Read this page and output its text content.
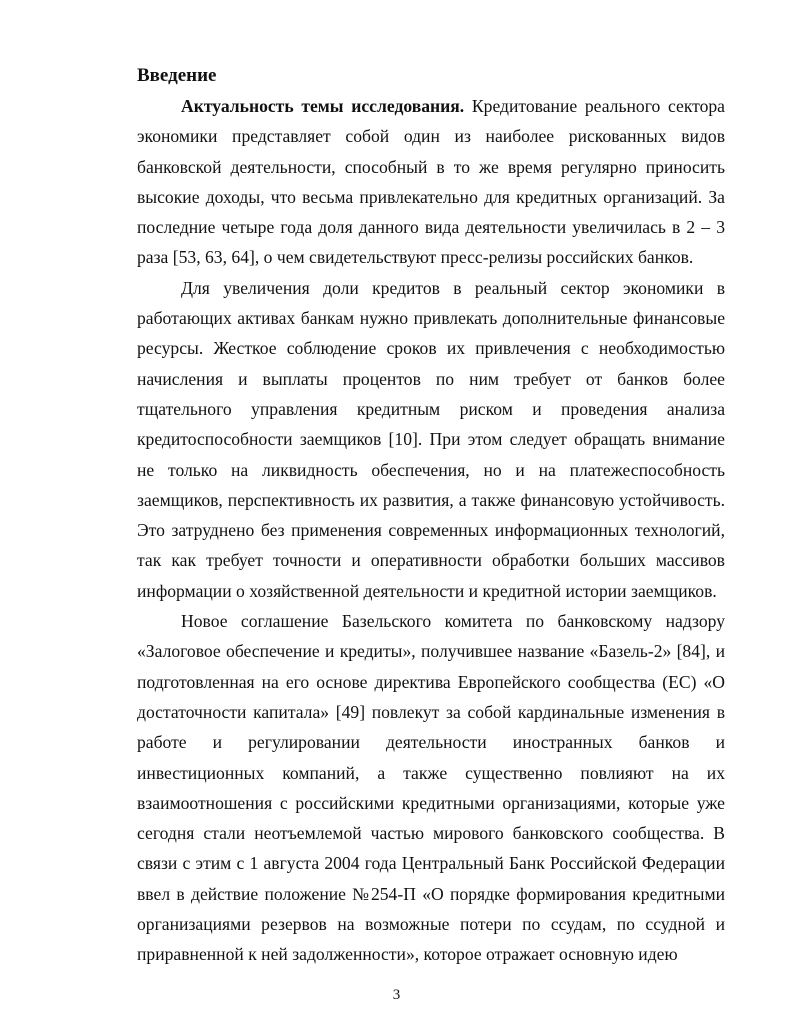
Введение

Актуальность темы исследования. Кредитование реального сектора экономики представляет собой один из наиболее рискованных видов банковской деятельности, способный в то же время регулярно приносить высокие доходы, что весьма привлекательно для кредитных организаций. За последние четыре года доля данного вида деятельности увеличилась в 2 – 3 раза [53, 63, 64], о чем свидетельствуют пресс-релизы российских банков.

Для увеличения доли кредитов в реальный сектор экономики в работающих активах банкам нужно привлекать дополнительные финансовые ресурсы. Жесткое соблюдение сроков их привлечения с необходимостью начисления и выплаты процентов по ним требует от банков более тщательного управления кредитным риском и проведения анализа кредитоспособности заемщиков [10]. При этом следует обращать внимание не только на ликвидность обеспечения, но и на платежеспособность заемщиков, перспективность их развития, а также финансовую устойчивость. Это затруднено без применения современных информационных технологий, так как требует точности и оперативности обработки больших массивов информации о хозяйственной деятельности и кредитной истории заемщиков.

Новое соглашение Базельского комитета по банковскому надзору «Залоговое обеспечение и кредиты», получившее название «Базель-2» [84], и подготовленная на его основе директива Европейского сообщества (ЕС) «О достаточности капитала» [49] повлекут за собой кардинальные изменения в работе и регулировании деятельности иностранных банков и инвестиционных компаний, а также существенно повлияют на их взаимоотношения с российскими кредитными организациями, которые уже сегодня стали неотъемлемой частью мирового банковского сообщества. В связи с этим с 1 августа 2004 года Центральный Банк Российской Федерации ввел в действие положение №254-П «О порядке формирования кредитными организациями резервов на возможные потери по ссудам, по ссудной и приравненной к ней задолженности», которое отражает основную идею

3
